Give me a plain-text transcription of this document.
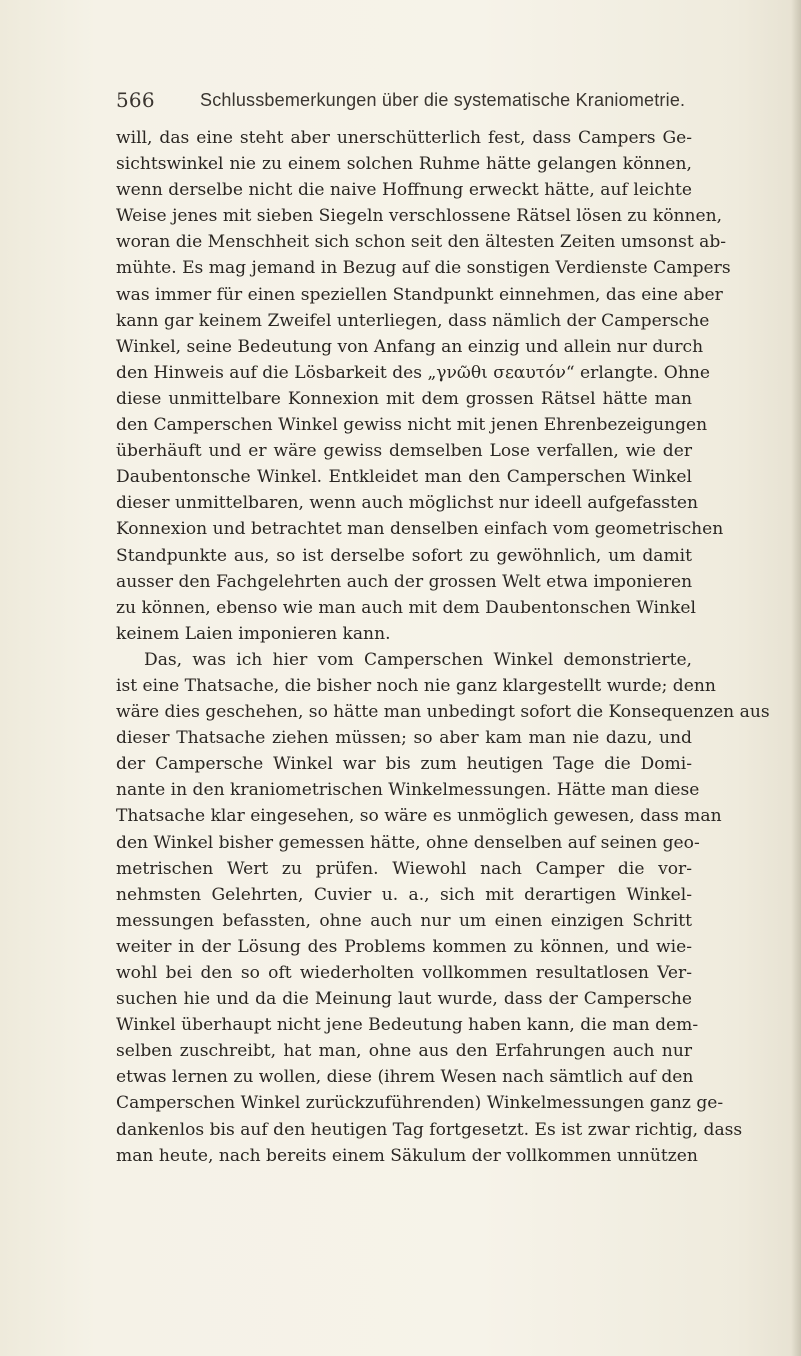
566	Schlussbemerkungen über die systematische Kraniometrie.
will, das eine steht aber unerschütterlich fest, dass Campers Ge-
sichtswinkel nie zu einem solchen Ruhme hätte gelangen können,
wenn derselbe nicht die naive Hoffnung erweckt hätte, auf leichte
Weise jenes mit sieben Siegeln verschlossene Rätsel lösen zu können,
woran die Menschheit sich schon seit den ältesten Zeiten umsonst ab-
mühte. Es mag jemand in Bezug auf die sonstigen Verdienste Campers
was immer für einen speziellen Standpunkt einnehmen, das eine aber
kann gar keinem Zweifel unterliegen, dass nämlich der Campersche
Winkel, seine Bedeutung von Anfang an einzig und allein nur durch
den Hinweis auf die Lösbarkeit des „γνῶθι σεαυτόν“ erlangte. Ohne
diese unmittelbare Konnexion mit dem grossen Rätsel hätte man
den Camperschen Winkel gewiss nicht mit jenen Ehrenbezeigungen
überhäuft und er wäre gewiss demselben Lose verfallen, wie der
Daubentonsche Winkel. Entkleidet man den Camperschen Winkel
dieser unmittelbaren, wenn auch möglichst nur ideell aufgefassten
Konnexion und betrachtet man denselben einfach vom geometrischen
Standpunkte aus, so ist derselbe sofort zu gewöhnlich, um damit
ausser den Fachgelehrten auch der grossen Welt etwa imponieren
zu können, ebenso wie man auch mit dem Daubentonschen Winkel
keinem Laien imponieren kann.
Das, was ich hier vom Camperschen Winkel demonstrierte,
ist eine Thatsache, die bisher noch nie ganz klargestellt wurde; denn
wäre dies geschehen, so hätte man unbedingt sofort die Konsequenzen aus
dieser Thatsache ziehen müssen; so aber kam man nie dazu, und
der Campersche Winkel war bis zum heutigen Tage die Domi-
nante in den kraniometrischen Winkelmessungen. Hätte man diese
Thatsache klar eingesehen, so wäre es unmöglich gewesen, dass man
den Winkel bisher gemessen hätte, ohne denselben auf seinen geo-
metrischen Wert zu prüfen. Wiewohl nach Camper die vor-
nehmsten Gelehrten, Cuvier u. a., sich mit derartigen Winkel-
messungen befassten, ohne auch nur um einen einzigen Schritt
weiter in der Lösung des Problems kommen zu können, und wie-
wohl bei den so oft wiederholten vollkommen resultatlosen Ver-
suchen hie und da die Meinung laut wurde, dass der Campersche
Winkel überhaupt nicht jene Bedeutung haben kann, die man dem-
selben zuschreibt, hat man, ohne aus den Erfahrungen auch nur
etwas lernen zu wollen, diese (ihrem Wesen nach sämtlich auf den
Camperschen Winkel zurückzuführenden) Winkelmessungen ganz ge-
dankenlos bis auf den heutigen Tag fortgesetzt. Es ist zwar richtig, dass
man heute, nach bereits einem Säkulum der vollkommen unnützen
